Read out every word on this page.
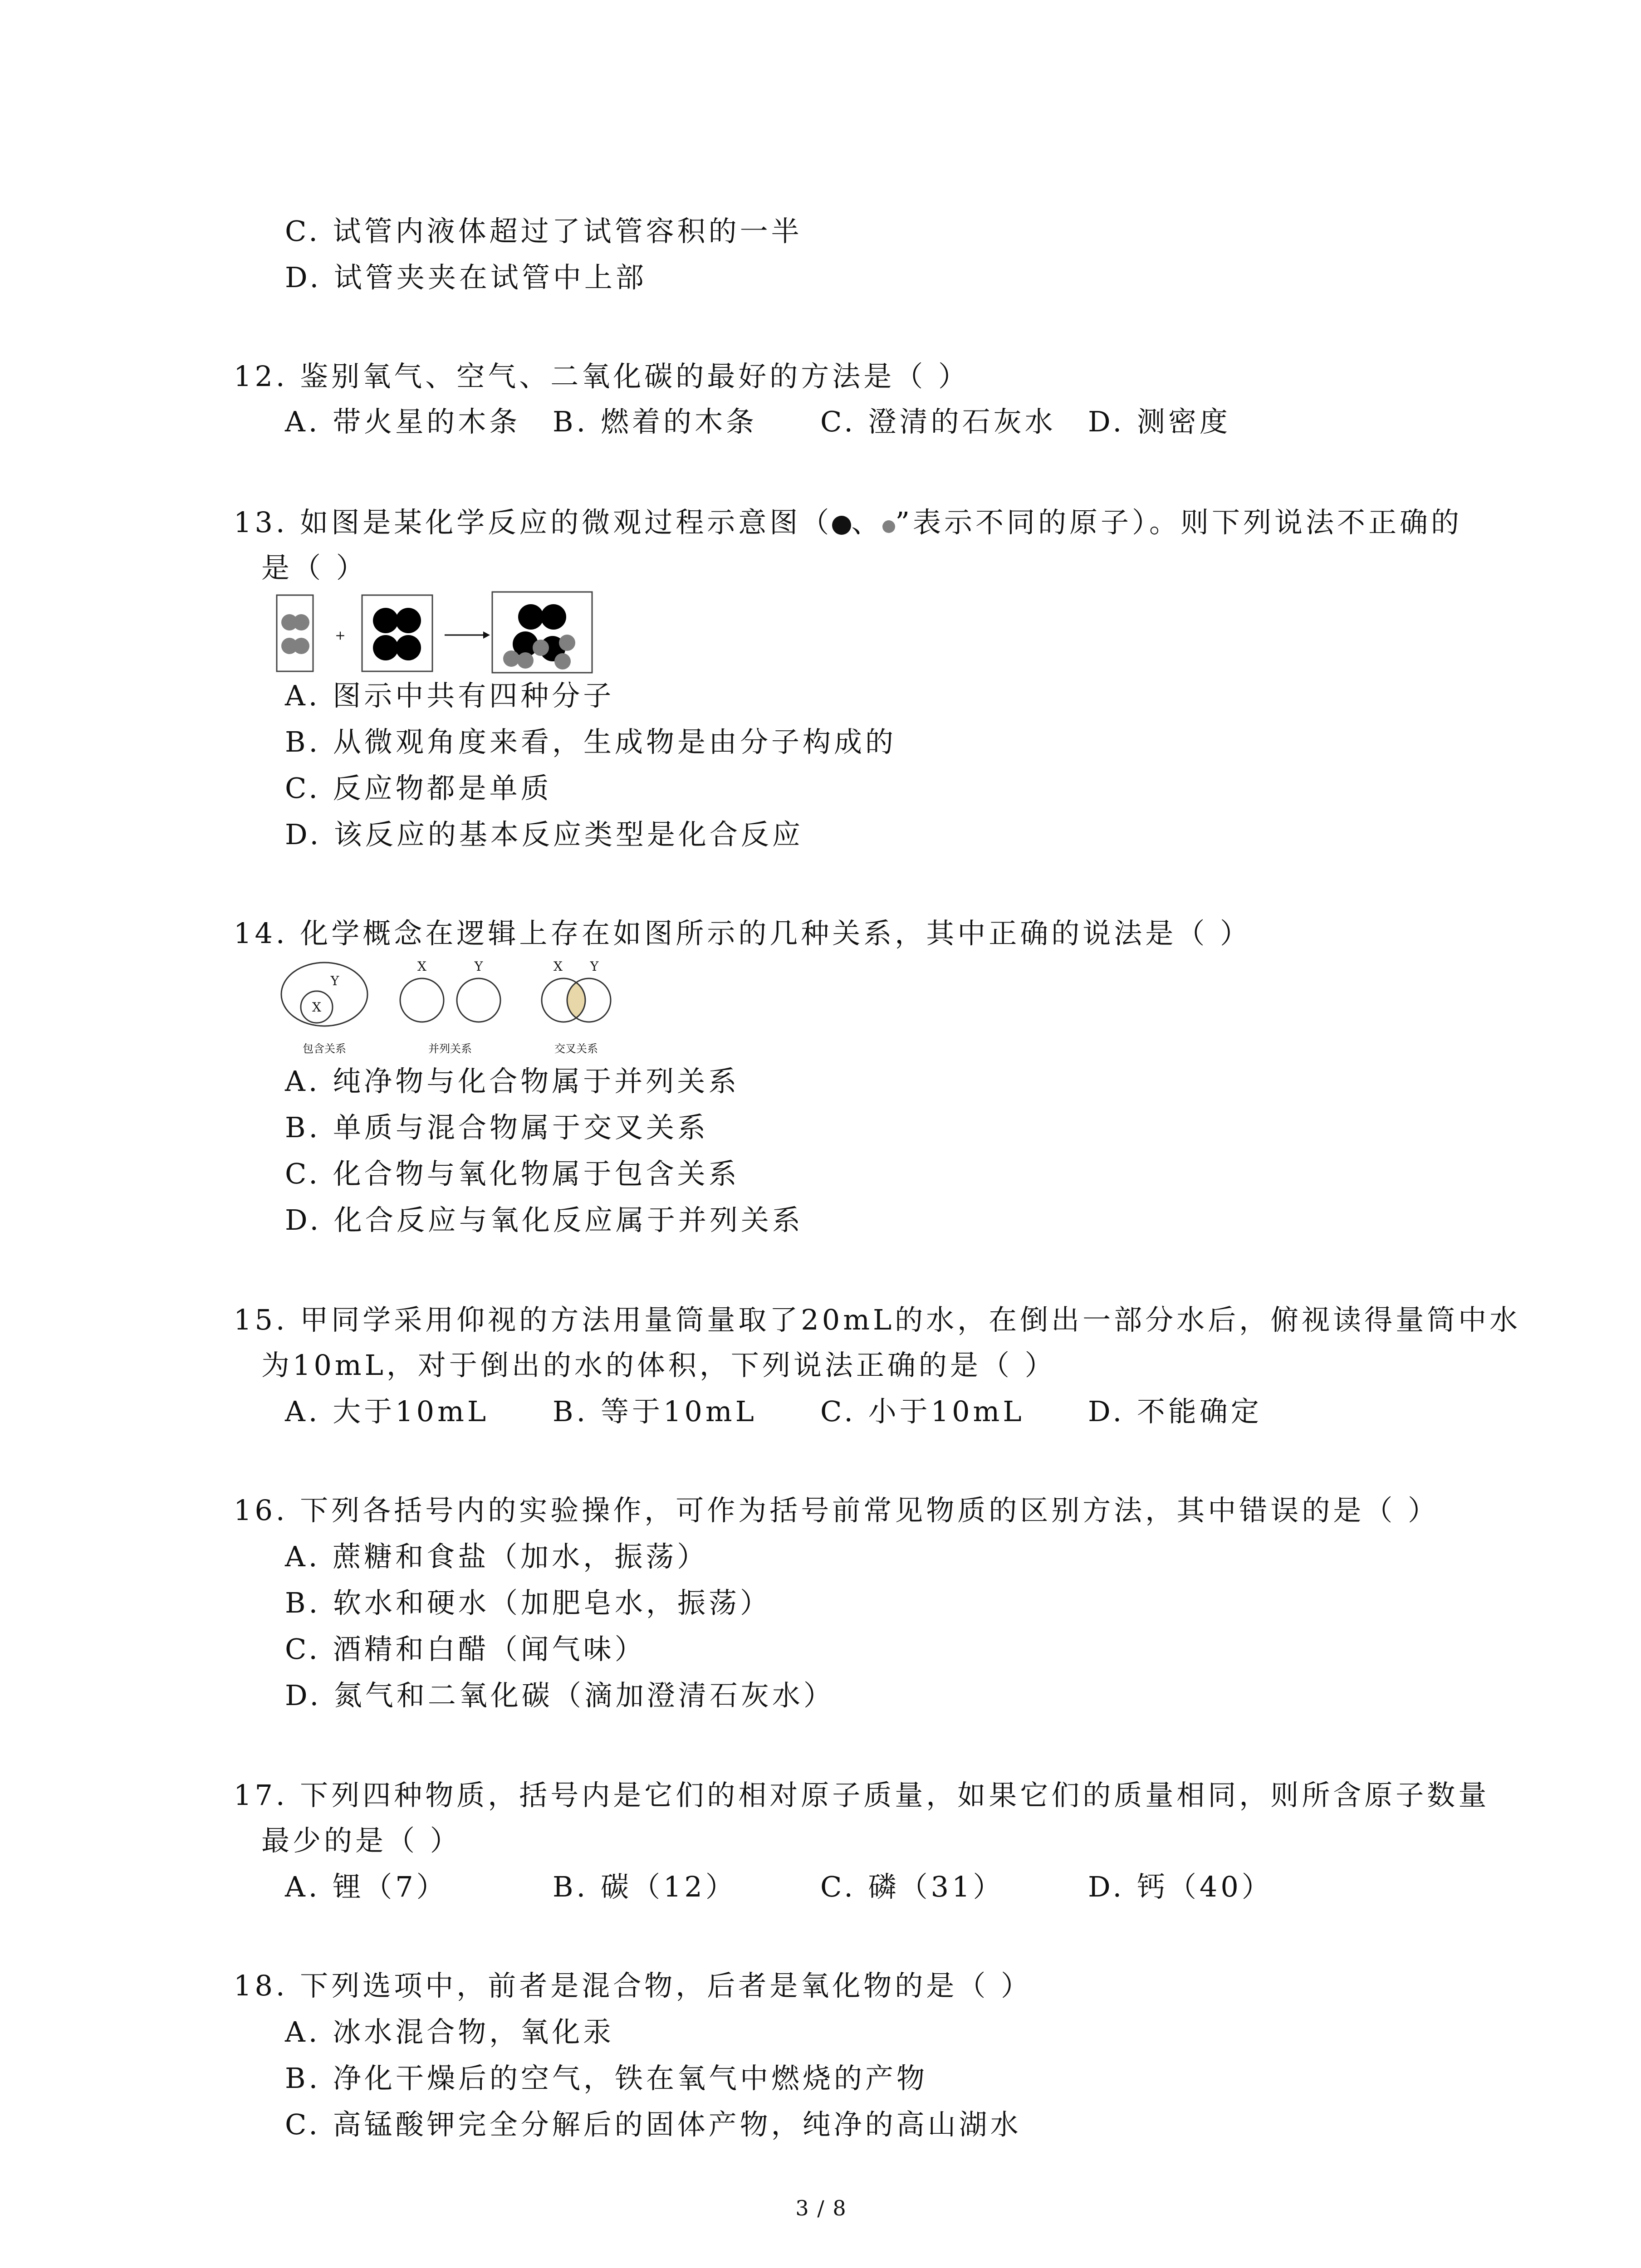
C. 试管内液体超过了试管容积的一半
D. 试管夹夹在试管中上部
12. 鉴别氧气、空气、二氧化碳的最好的方法是（ ）
A. 带火星的木条 B. 燃着的木条 C. 澄清的石灰水 D. 测密度
13. 如图是某化学反应的微观过程示意图（ 、 ”表示不同的原子）。则下列说法不正确的
是（ ）
+
A. 图示中共有四种分子
B. 从微观角度来看，生成物是由分子构成的
C. 反应物都是单质
D. 该反应的基本反应类型是化合反应
14. 化学概念在逻辑上存在如图所示的几种关系，其中正确的说法是（ ）
X
Y
包含关系
X	Y
并列关系
X Y
交叉关系
A. 纯净物与化合物属于并列关系
B. 单质与混合物属于交叉关系
C. 化合物与氧化物属于包含关系
D. 化合反应与氧化反应属于并列关系
15. 甲同学采用仰视的方法用量筒量取了20mL的水，在倒出一部分水后，俯视读得量筒中水
为10mL，对于倒出的水的体积，下列说法正确的是（ ）
A. 大于10mL B. 等于10mL C. 小于10mL D. 不能确定
16. 下列各括号内的实验操作，可作为括号前常见物质的区别方法，其中错误的是（ ）
A. 蔗糖和食盐（加水，振荡）
B. 软水和硬水（加肥皂水，振荡）
C. 酒精和白醋（闻气味）
D. 氮气和二氧化碳（滴加澄清石灰水）
17. 下列四种物质，括号内是它们的相对原子质量，如果它们的质量相同，则所含原子数量
最少的是（ ）
A. 锂（7）	B. 碳（12）	C. 磷（31）	D. 钙（40）
18. 下列选项中，前者是混合物，后者是氧化物的是（ ）
A. 冰水混合物，氧化汞
B. 净化干燥后的空气，铁在氧气中燃烧的产物
C. 高锰酸钾完全分解后的固体产物，纯净的高山湖水
3 / 8
